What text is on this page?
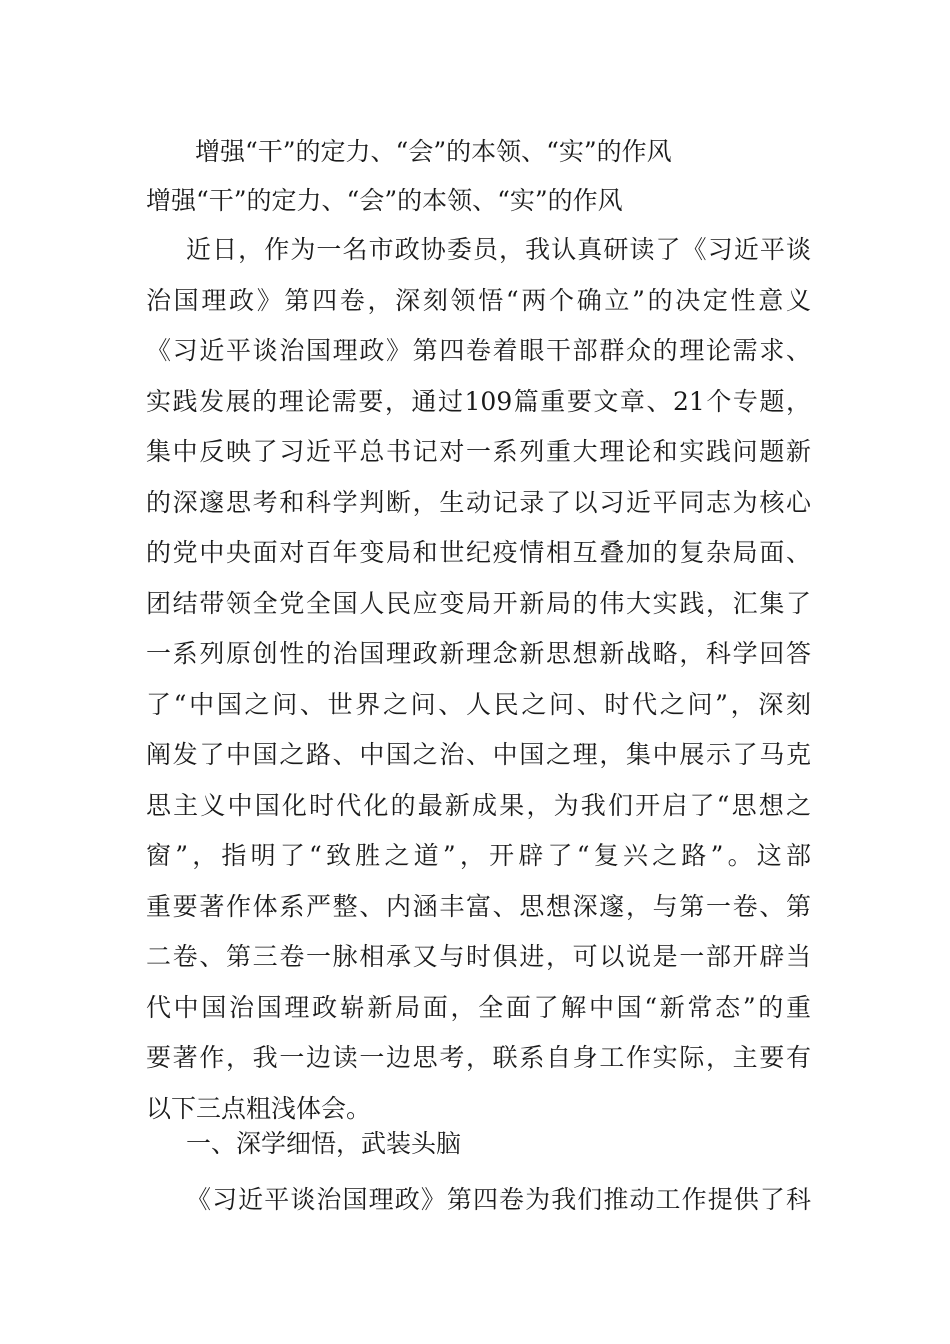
增强“干”的定力、“会”的本领、“实”的作风
增强“干”的定力、“会”的本领、“实”的作风
近日，作为一名市政协委员，我认真研读了《习近平谈
治国理政》第四卷，深刻领悟“两个确立”的决定性意义
《习近平谈治国理政》第四卷着眼干部群众的理论需求、
实践发展的理论需要，通过109篇重要文章、21个专题，
集中反映了习近平总书记对一系列重大理论和实践问题新
的深邃思考和科学判断，生动记录了以习近平同志为核心
的党中央面对百年变局和世纪疫情相互叠加的复杂局面、
团结带领全党全国人民应变局开新局的伟大实践，汇集了
一系列原创性的治国理政新理念新思想新战略，科学回答
了“中国之问、世界之问、人民之问、时代之问”，深刻
阐发了中国之路、中国之治、中国之理，集中展示了马克
思主义中国化时代化的最新成果，为我们开启了“思想之
窗”，指明了“致胜之道”，开辟了“复兴之路”。这部
重要著作体系严整、内涵丰富、思想深邃，与第一卷、第
二卷、第三卷一脉相承又与时俱进，可以说是一部开辟当
代中国治国理政崭新局面，全面了解中国“新常态”的重
要著作，我一边读一边思考，联系自身工作实际，主要有
以下三点粗浅体会。
一、深学细悟，武装头脑
《习近平谈治国理政》第四卷为我们推动工作提供了科
